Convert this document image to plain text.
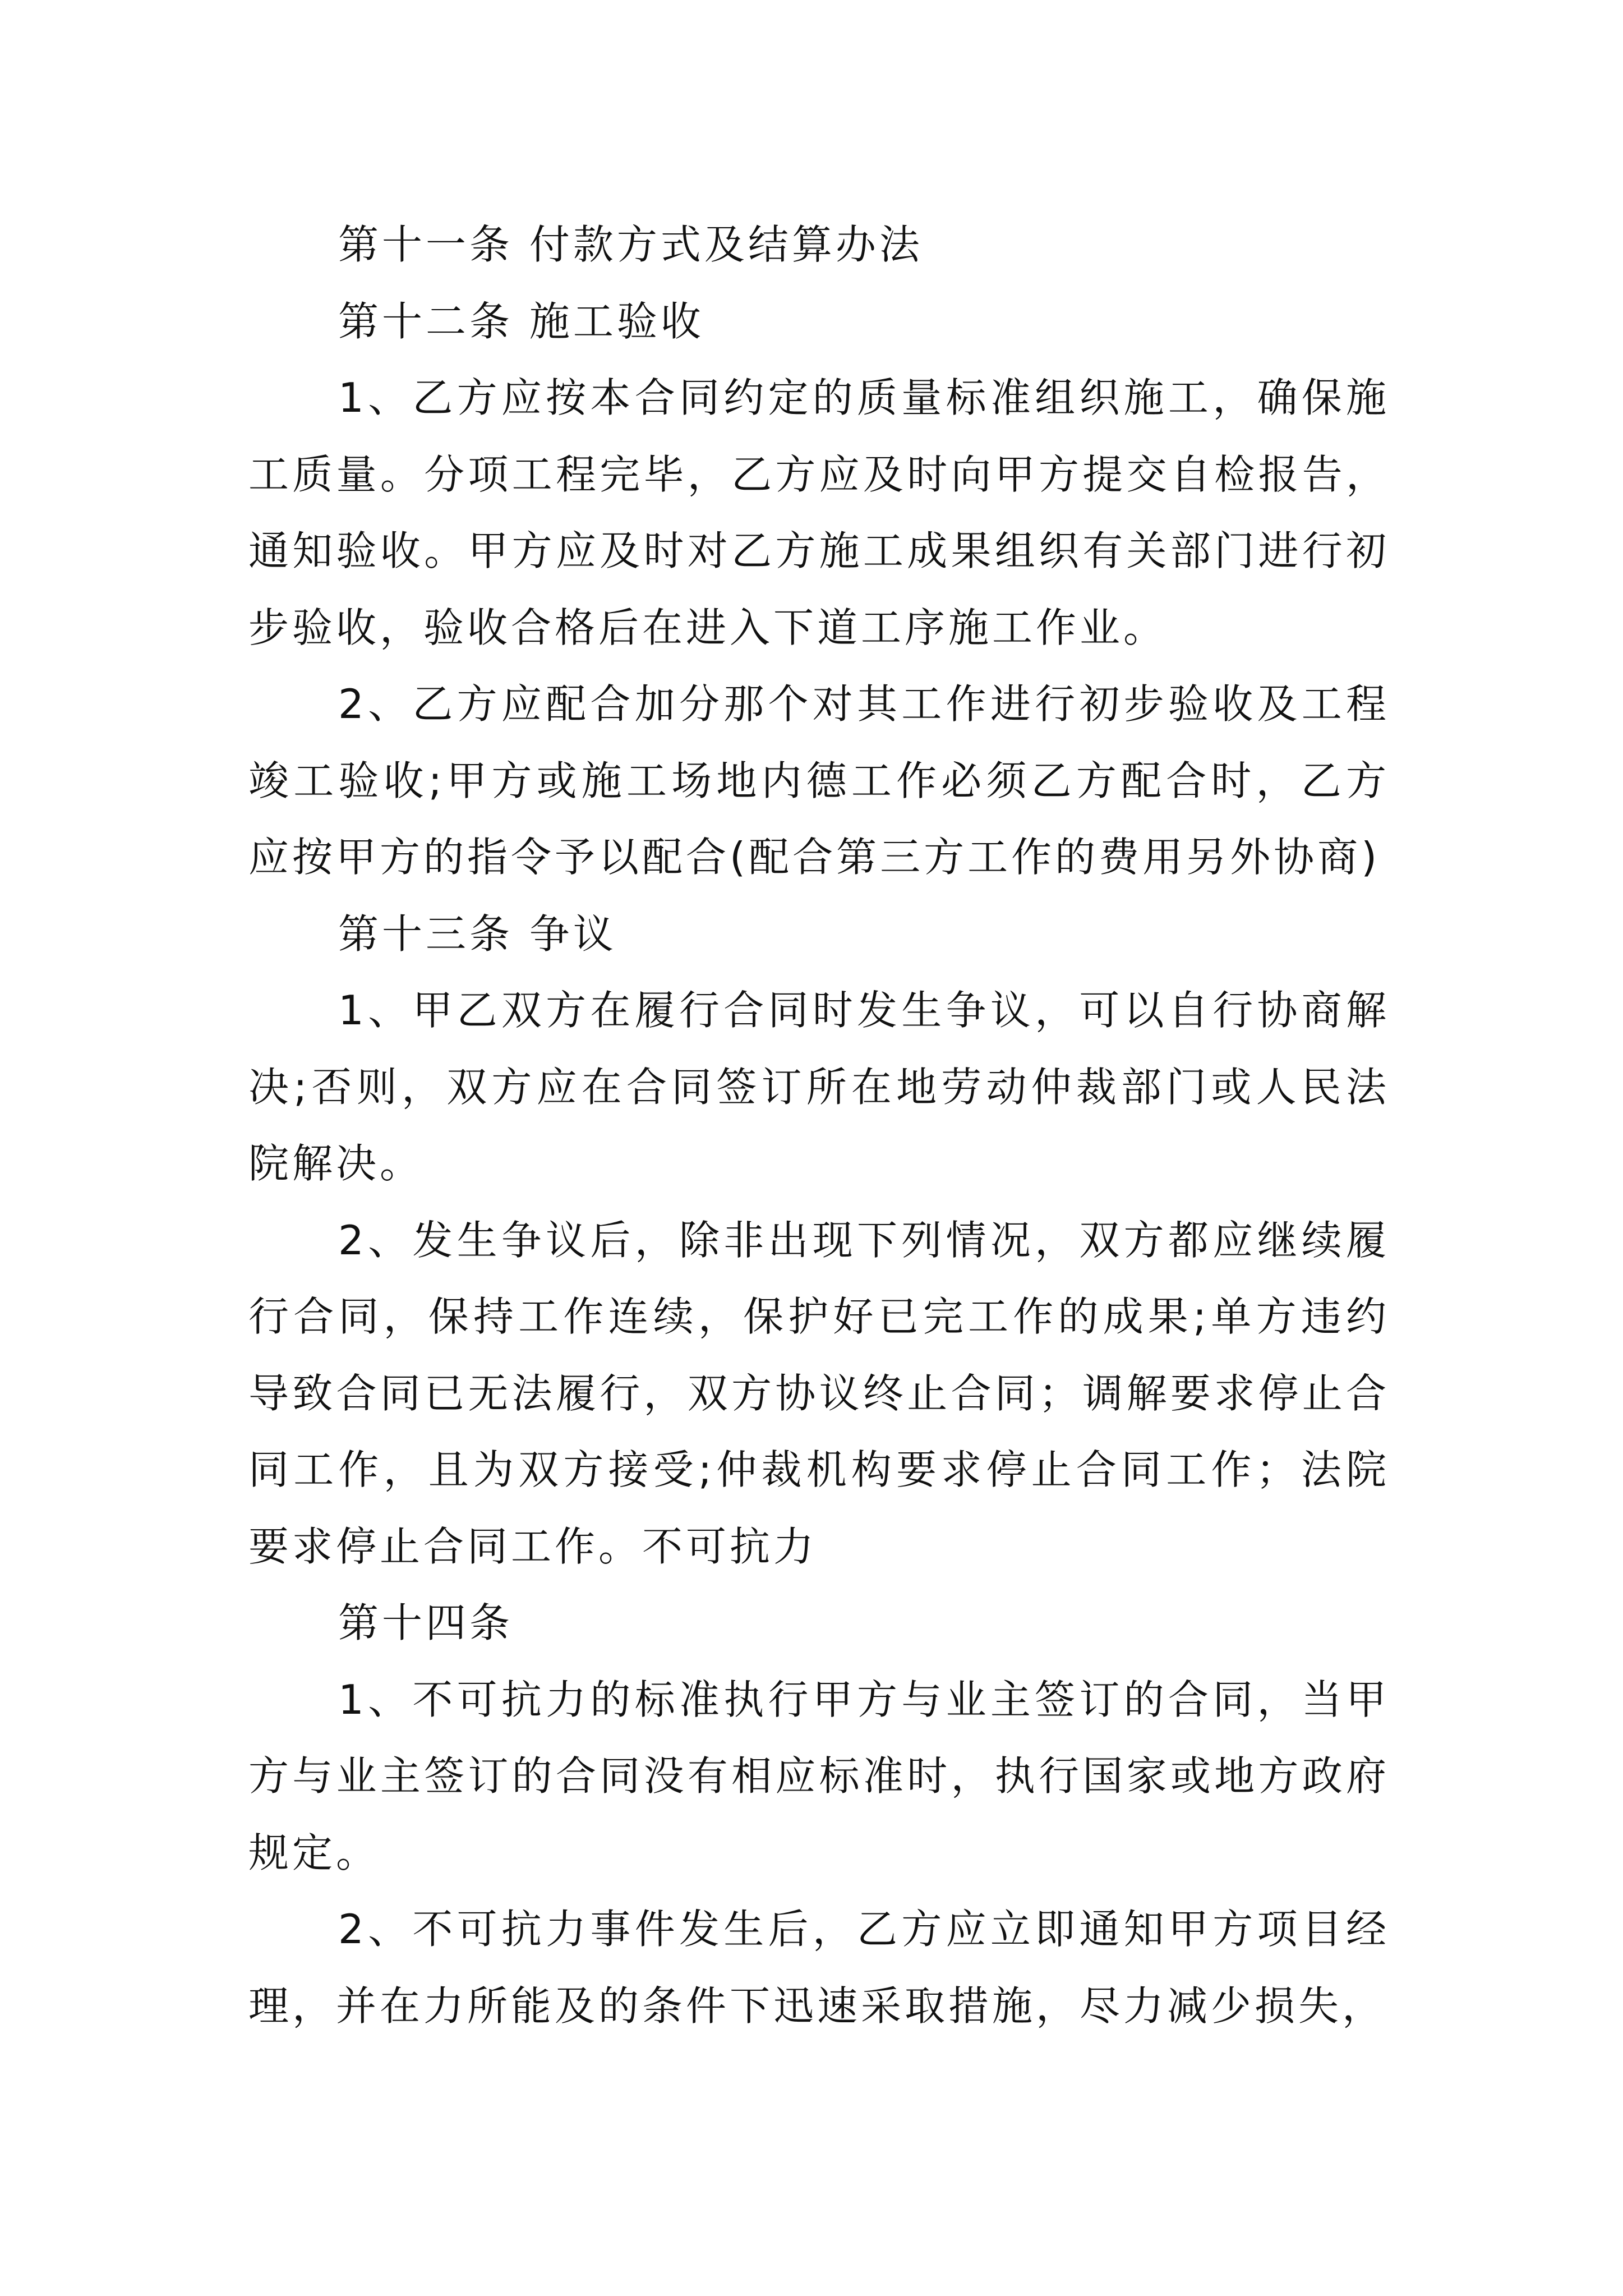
第十一条 付款方式及结算办法

第十二条 施工验收

1、乙方应按本合同约定的质量标准组织施工，确保施工质量。分项工程完毕，乙方应及时向甲方提交自检报告，通知验收。甲方应及时对乙方施工成果组织有关部门进行初步验收，验收合格后在进入下道工序施工作业。

2、乙方应配合加分那个对其工作进行初步验收及工程竣工验收;甲方或施工场地内德工作必须乙方配合时，乙方应按甲方的指令予以配合(配合第三方工作的费用另外协商)

第十三条 争议

1、甲乙双方在履行合同时发生争议，可以自行协商解决;否则，双方应在合同签订所在地劳动仲裁部门或人民法院解决。

2、发生争议后，除非出现下列情况，双方都应继续履行合同，保持工作连续，保护好已完工作的成果;单方违约导致合同已无法履行，双方协议终止合同；调解要求停止合同工作，且为双方接受;仲裁机构要求停止合同工作；法院要求停止合同工作。不可抗力

第十四条

1、不可抗力的标准执行甲方与业主签订的合同，当甲方与业主签订的合同没有相应标准时，执行国家或地方政府规定。

2、不可抗力事件发生后，乙方应立即通知甲方项目经理，并在力所能及的条件下迅速采取措施，尽力减少损失，
